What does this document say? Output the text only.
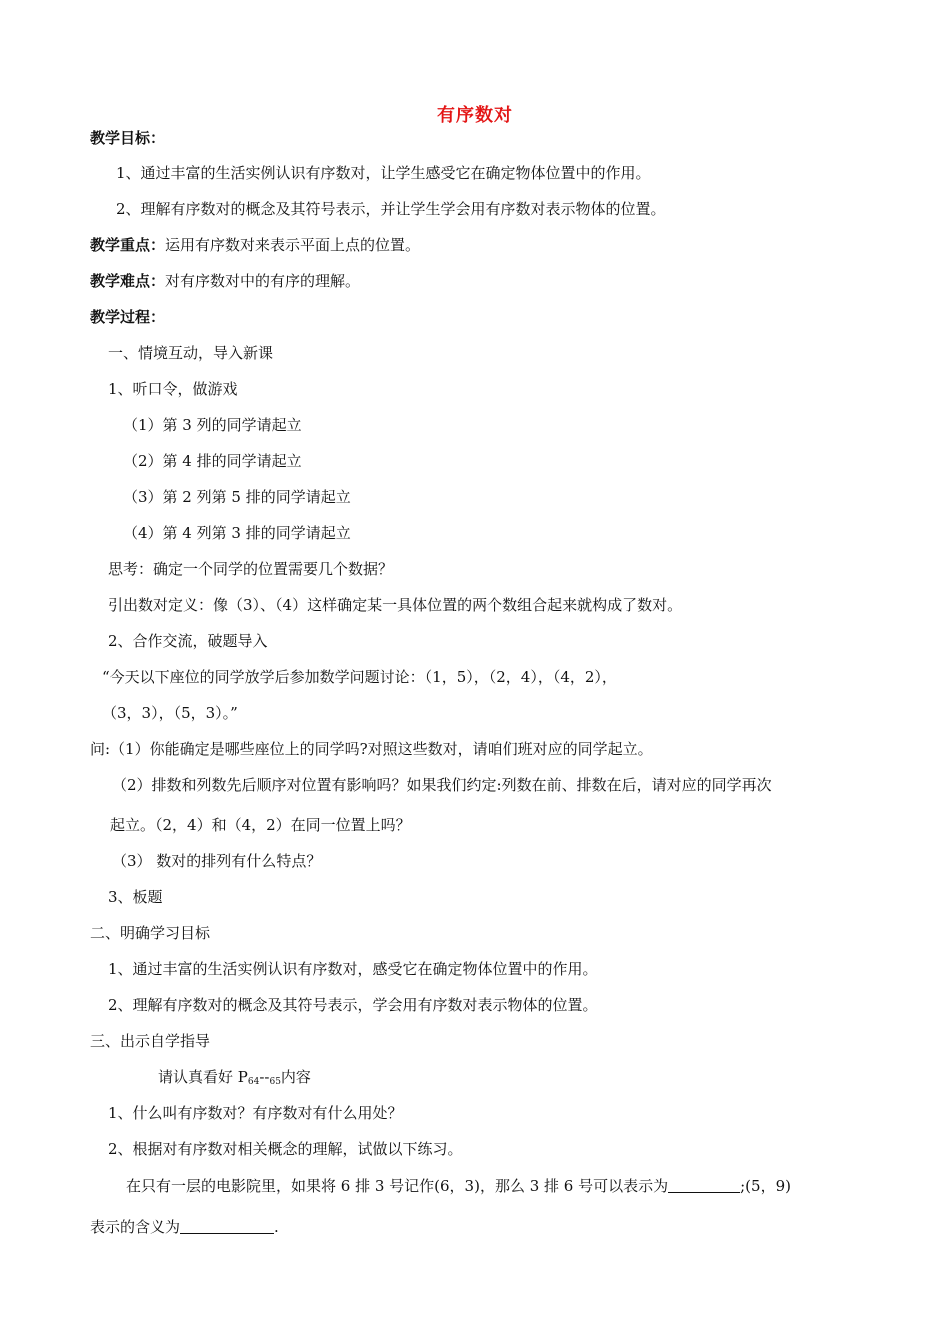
有序数对
教学目标：
1、通过丰富的生活实例认识有序数对，让学生感受它在确定物体位置中的作用。
2、理解有序数对的概念及其符号表示，并让学生学会用有序数对表示物体的位置。
教学重点：运用有序数对来表示平面上点的位置。
教学难点：对有序数对中的有序的理解。
教学过程：
一、情境互动，导入新课
1、听口令，做游戏
（1）第 3 列的同学请起立
（2）第 4 排的同学请起立
（3）第 2 列第 5 排的同学请起立
（4）第 4 列第 3 排的同学请起立
思考：确定一个同学的位置需要几个数据？
引出数对定义：像（3）、（4）这样确定某一具体位置的两个数组合起来就构成了数对。
2、合作交流，破题导入
“今天以下座位的同学放学后参加数学问题讨论：（1，5），（2，4），（4，2），
（3，3），（5，3）。”
问:（1）你能确定是哪些座位上的同学吗?对照这些数对，请咱们班对应的同学起立。
（2）排数和列数先后顺序对位置有影响吗？如果我们约定:列数在前、排数在后，请对应的同学再次
起立。（2，4）和（4，2）在同一位置上吗？
（3） 数对的排列有什么特点？
3、板题
二、明确学习目标
1、通过丰富的生活实例认识有序数对，感受它在确定物体位置中的作用。
2、理解有序数对的概念及其符号表示，学会用有序数对表示物体的位置。
三、出示自学指导
请认真看好 $P_{64}--_{65}$内容
1、什么叫有序数对？有序数对有什么用处？
2、根据对有序数对相关概念的理解，试做以下练习。
在只有一层的电影院里，如果将 6 排 3 号记作(6，3)，那么 3 排 6 号可以表示为	;(5，9)
表示的含义为	.
